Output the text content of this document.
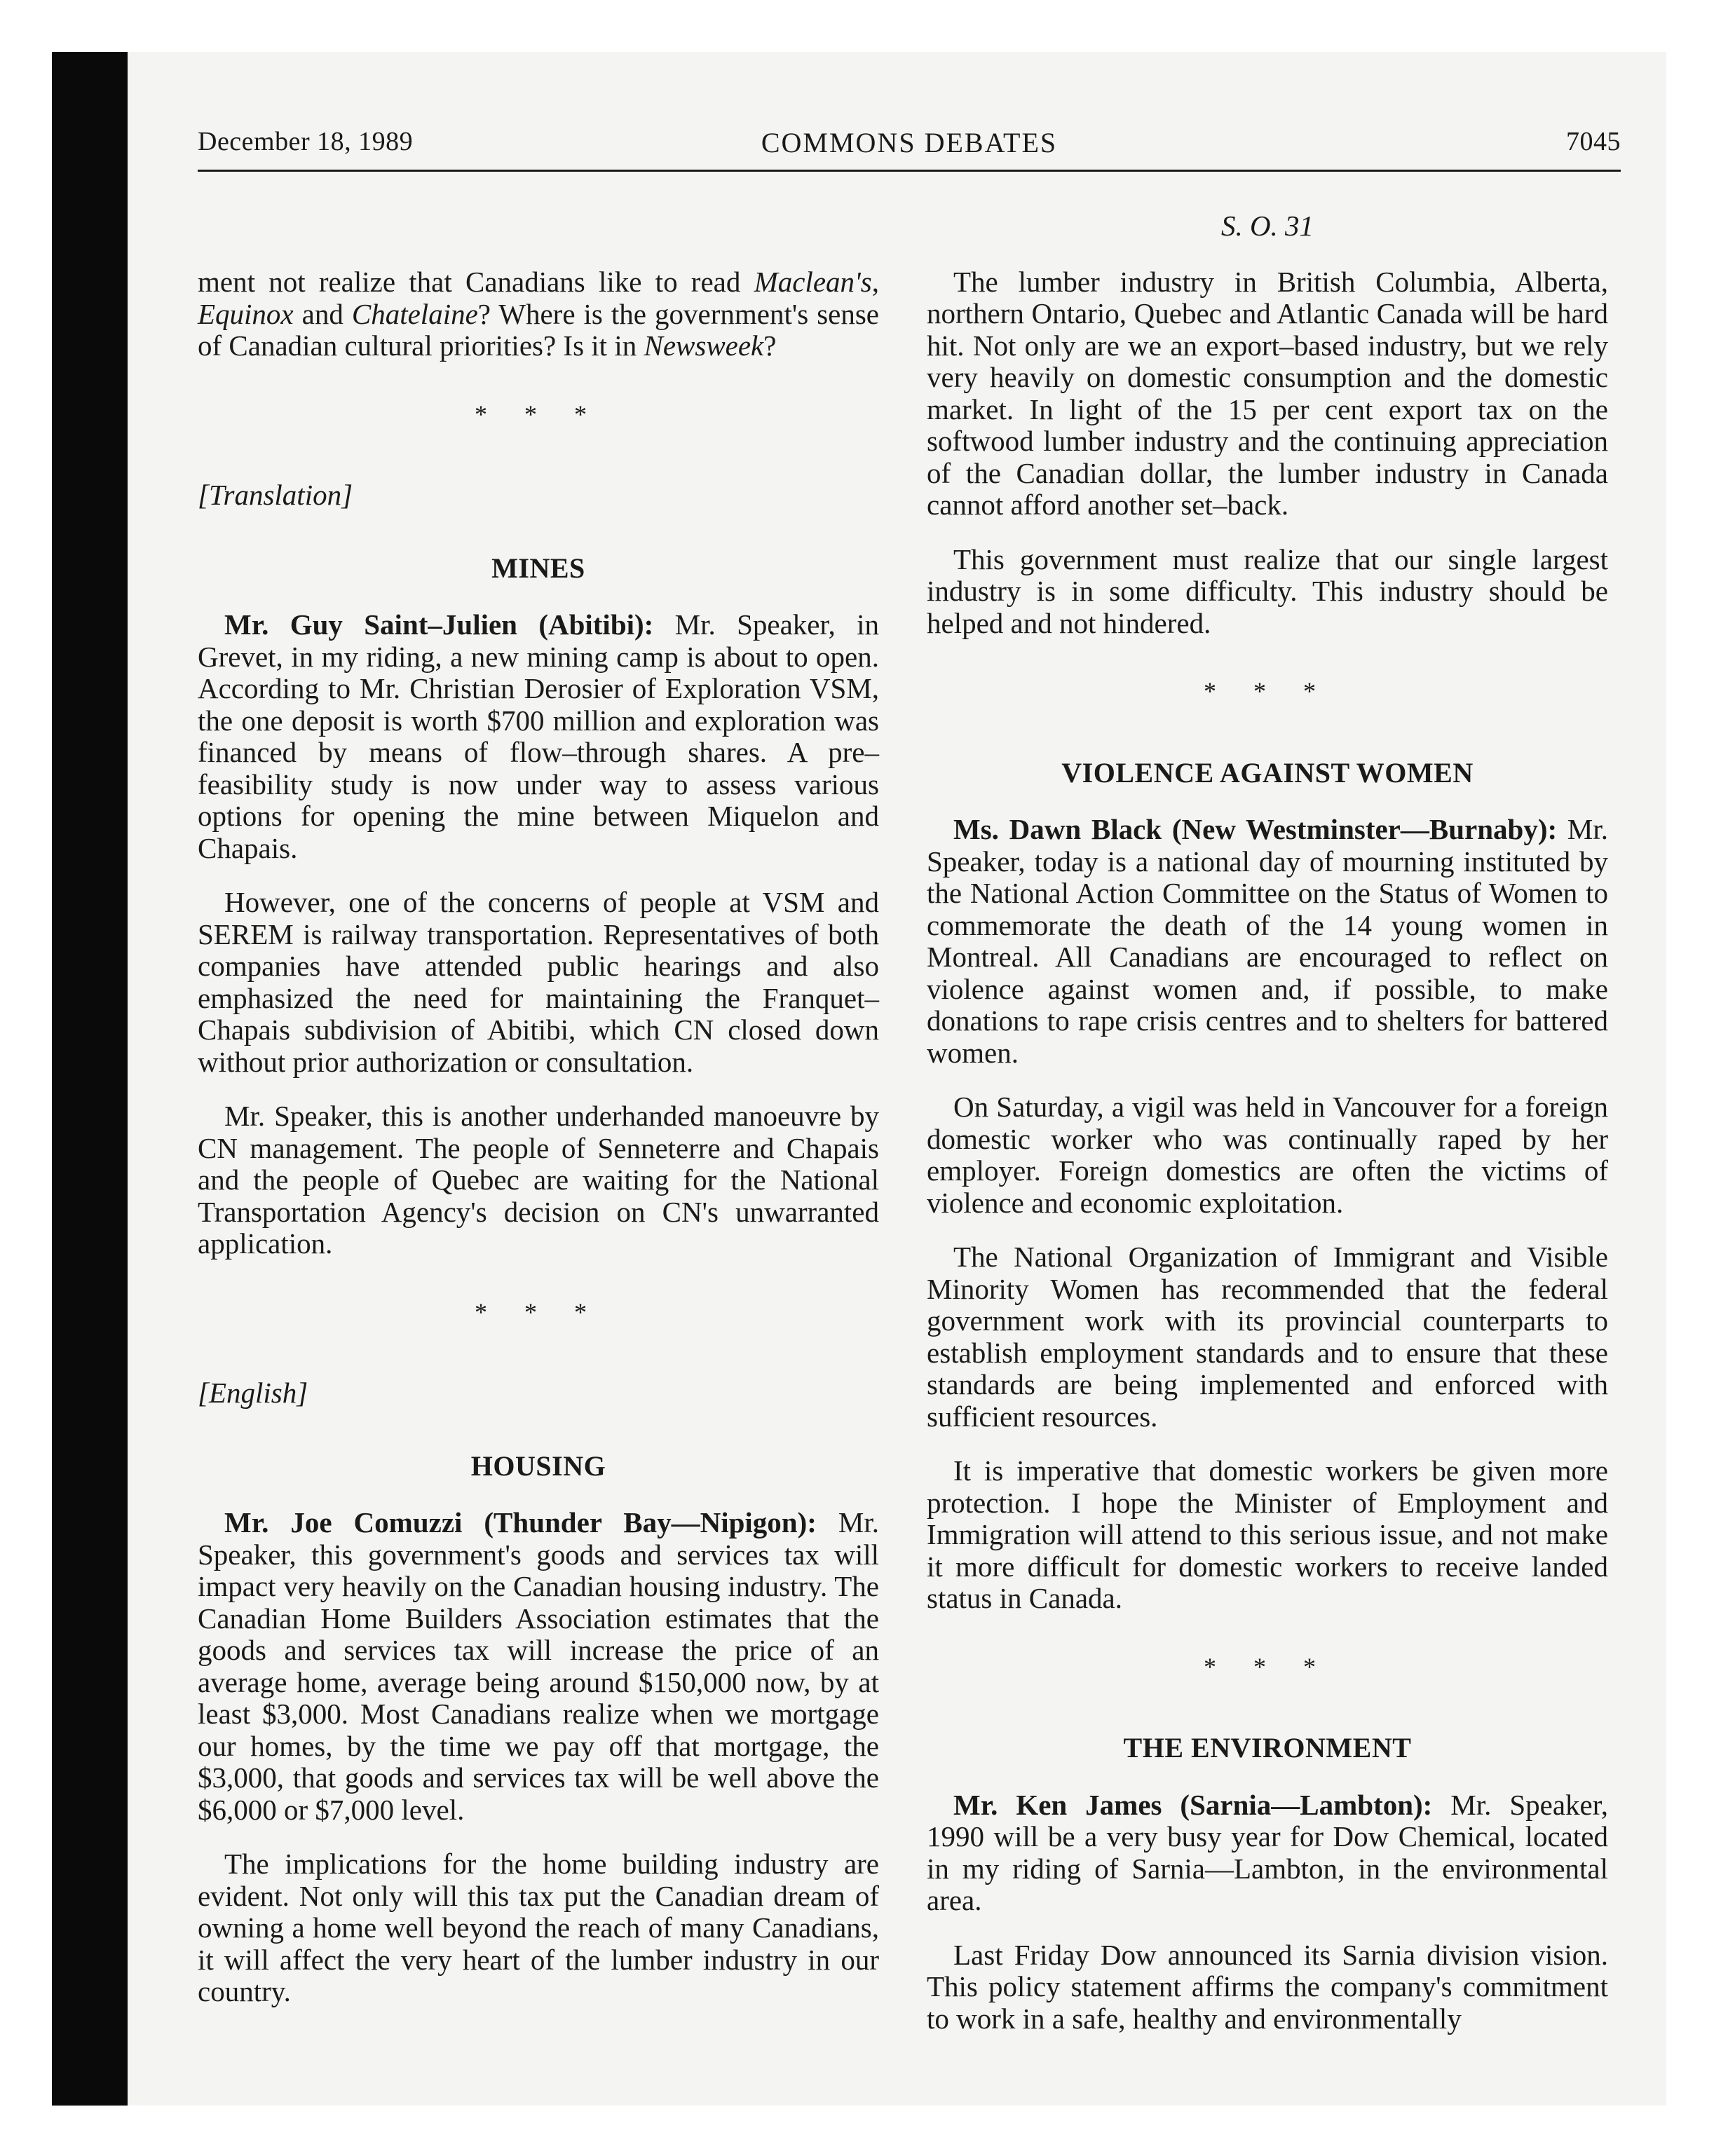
December 18, 1989	COMMONS DEBATES	7045

ment not realize that Canadians like to read Maclean's, Equinox and Chatelaine? Where is the government's sense of Canadian cultural priorities? Is it in Newsweek?

* * *
[Translation]
MINES

Mr. Guy Saint–Julien (Abitibi): Mr. Speaker, in Grevet, in my riding, a new mining camp is about to open. According to Mr. Christian Derosier of Exploration VSM, the one deposit is worth $700 million and exploration was financed by means of flow–through shares. A pre–feasibility study is now under way to assess various options for opening the mine between Miquelon and Chapais.

However, one of the concerns of people at VSM and SEREM is railway transportation. Representatives of both companies have attended public hearings and also emphasized the need for maintaining the Franquet–Chapais subdivision of Abitibi, which CN closed down without prior authorization or consultation.

Mr. Speaker, this is another underhanded manoeuvre by CN management. The people of Senneterre and Chapais and the people of Quebec are waiting for the National Transportation Agency's decision on CN's unwarranted application.

* * *
[English]
HOUSING

Mr. Joe Comuzzi (Thunder Bay—Nipigon): Mr. Speaker, this government's goods and services tax will impact very heavily on the Canadian housing industry. The Canadian Home Builders Association estimates that the goods and services tax will increase the price of an average home, average being around $150,000 now, by at least $3,000. Most Canadians realize when we mortgage our homes, by the time we pay off that mortgage, the $3,000, that goods and services tax will be well above the $6,000 or $7,000 level.

The implications for the home building industry are evident. Not only will this tax put the Canadian dream of owning a home well beyond the reach of many Canadians, it will affect the very heart of the lumber industry in our country.

S. O. 31

The lumber industry in British Columbia, Alberta, northern Ontario, Quebec and Atlantic Canada will be hard hit. Not only are we an export–based industry, but we rely very heavily on domestic consumption and the domestic market. In light of the 15 per cent export tax on the softwood lumber industry and the continuing appreciation of the Canadian dollar, the lumber industry in Canada cannot afford another set–back.

This government must realize that our single largest industry is in some difficulty. This industry should be helped and not hindered.

* * *
VIOLENCE AGAINST WOMEN

Ms. Dawn Black (New Westminster—Burnaby): Mr. Speaker, today is a national day of mourning instituted by the National Action Committee on the Status of Women to commemorate the death of the 14 young women in Montreal. All Canadians are encouraged to reflect on violence against women and, if possible, to make donations to rape crisis centres and to shelters for battered women.

On Saturday, a vigil was held in Vancouver for a foreign domestic worker who was continually raped by her employer. Foreign domestics are often the victims of violence and economic exploitation.

The National Organization of Immigrant and Visible Minority Women has recommended that the federal government work with its provincial counterparts to establish employment standards and to ensure that these standards are being implemented and enforced with sufficient resources.

It is imperative that domestic workers be given more protection. I hope the Minister of Employment and Immigration will attend to this serious issue, and not make it more difficult for domestic workers to receive landed status in Canada.

* * *
THE ENVIRONMENT

Mr. Ken James (Sarnia—Lambton): Mr. Speaker, 1990 will be a very busy year for Dow Chemical, located in my riding of Sarnia—Lambton, in the environmental area.

Last Friday Dow announced its Sarnia division vision. This policy statement affirms the company's commitment to work in a safe, healthy and environmentally
